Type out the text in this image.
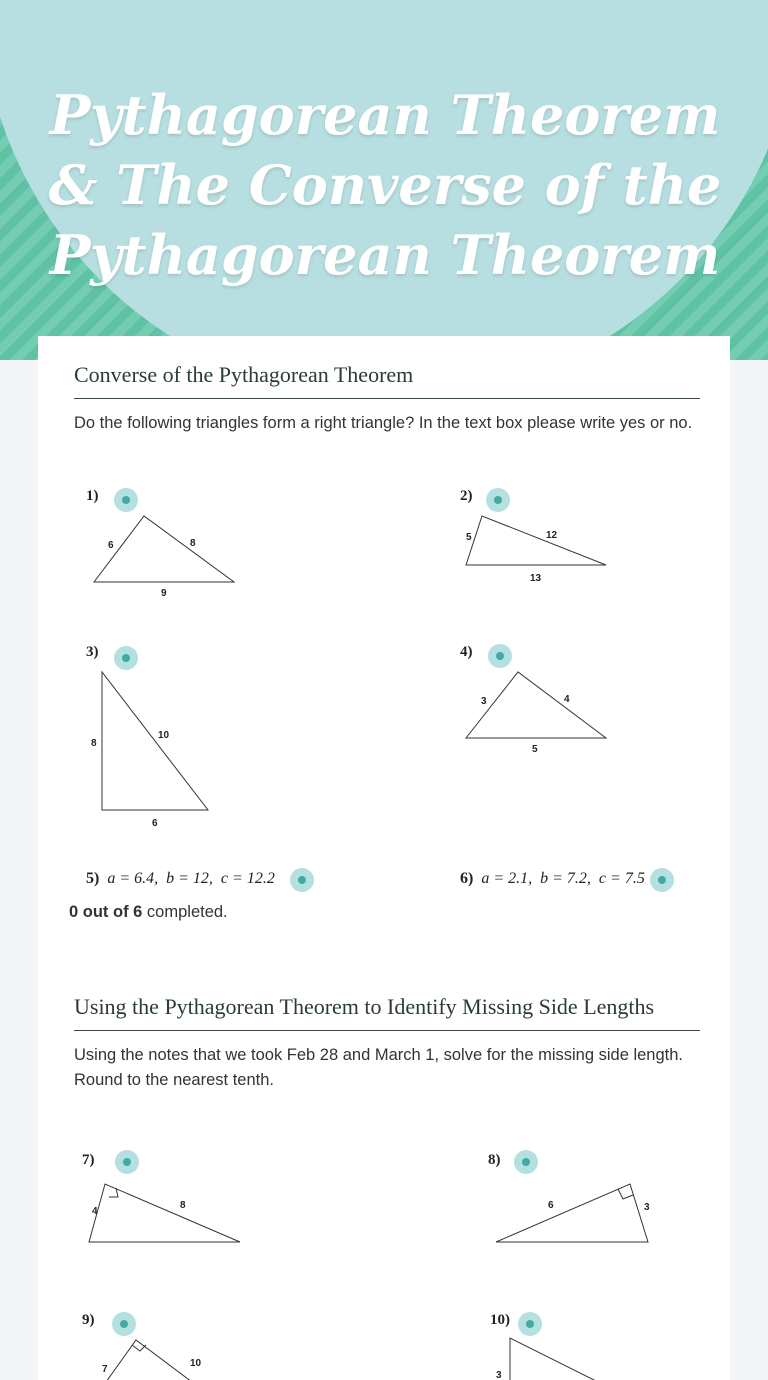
Pythagorean Theorem & The Converse of the Pythagorean Theorem
Converse of the Pythagorean Theorem
Do the following triangles form a right triangle? In the text box please write yes or no.
1)
6	8
9
2)
5	12
13
3)
8
10
6
4)
3	4
5
5) a = 6.4, b = 12, c = 12.2	6) a = 2.1, b = 7.2, c = 7.5
0 out of 6 completed.
Using the Pythagorean Theorem to Identify Missing Side Lengths
Using the notes that we took Feb 28 and March 1, solve for the missing side length. Round to the nearest tenth.
7)
4
8
8)
6	3
9)
7
10
10)
3
